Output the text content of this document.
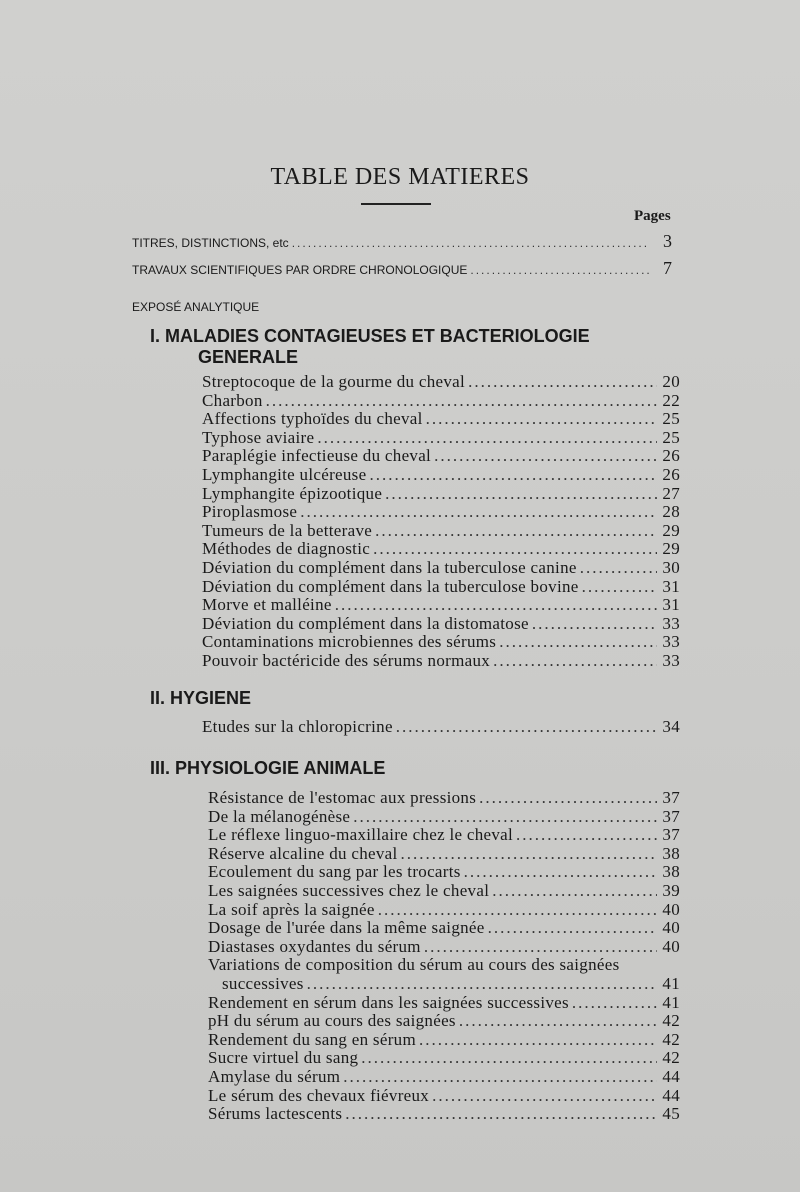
TABLE DES MATIERES
Pages
TITRES, DISTINCTIONS, etc .....	3
TRAVAUX SCIENTIFIQUES PAR ORDRE CHRONOLOGIQUE .....	7
EXPOSÉ ANALYTIQUE
I. MALADIES CONTAGIEUSES ET BACTERIOLOGIE
GENERALE
Streptocoque de la gourme du cheval .....	20
Charbon .....	22
Affections typhoïdes du cheval .....	25
Typhose aviaire .....	25
Paraplégie infectieuse du cheval .....	26
Lymphangite ulcéreuse .....	26
Lymphangite épizootique .....	27
Piroplasmose .....	28
Tumeurs de la betterave .....	29
Méthodes de diagnostic .....	29
Déviation du complément dans la tuberculose canine .....	30
Déviation du complément dans la tuberculose bovine .....	31
Morve et malléine .....	31
Déviation du complément dans la distomatose .....	33
Contaminations microbiennes des sérums .....	33
Pouvoir bactéricide des sérums normaux .....	33
II. HYGIENE
Etudes sur la chloropicrine .....	34
III. PHYSIOLOGIE ANIMALE
Résistance de l'estomac aux pressions .....	37
De la mélanogénèse .....	37
Le réflexe linguo-maxillaire chez le cheval .....	37
Réserve alcaline du cheval .....	38
Ecoulement du sang par les trocarts .....	38
Les saignées successives chez le cheval .....	39
La soif après la saignée .....	40
Dosage de l'urée dans la même saignée .....	40
Diastases oxydantes du sérum .....	40
Variations de composition du sérum au cours des saignées
successives .....	41
Rendement en sérum dans les saignées successives .....	41
pH du sérum au cours des saignées .....	42
Rendement du sang en sérum .....	42
Sucre virtuel du sang .....	42
Amylase du sérum .....	44
Le sérum des chevaux fiévreux .....	44
Sérums lactescents .....	45
